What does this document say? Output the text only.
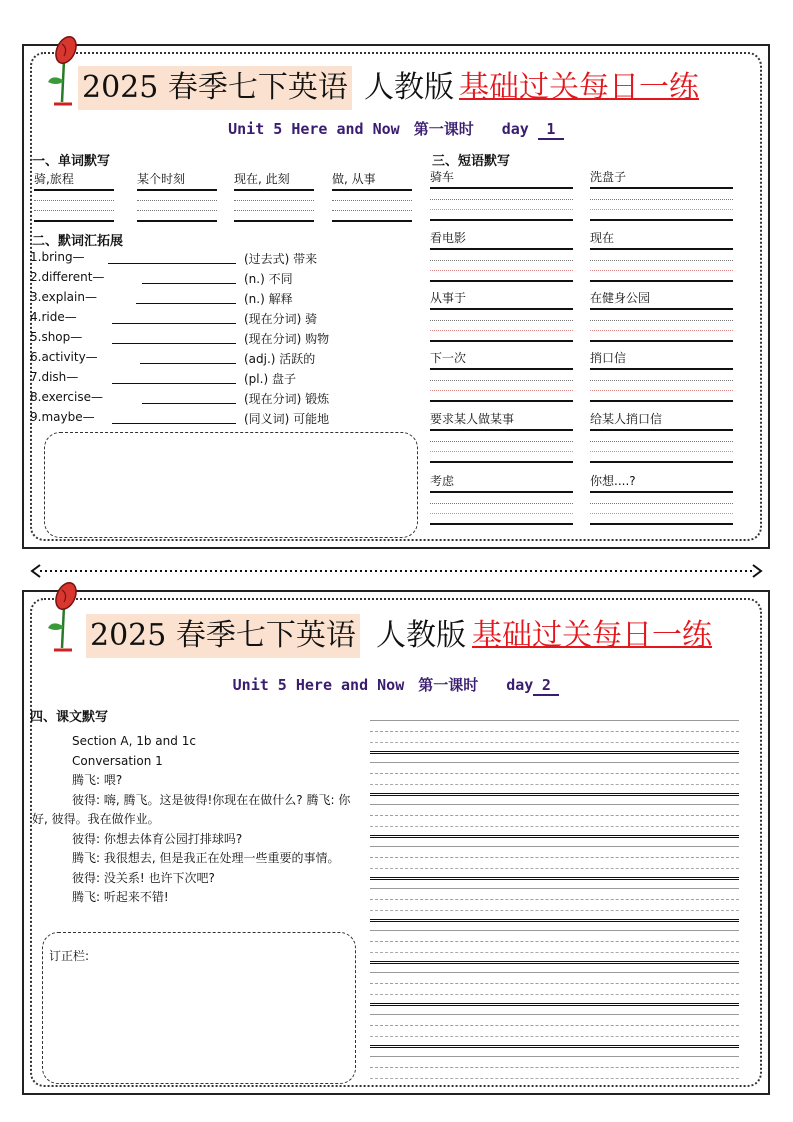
2025 春季七下英语 人教版 基础过关每日一练
Unit 5 Here and Now 第一课时 day 1
一、单词默写
骑,旅程	某个时刻	现在, 此刻	做, 从事
二、默词汇拓展
1.bring—	(过去式) 带来
2.different—	(n.) 不同
3.explain—	(n.) 解释
4.ride—	(现在分词) 骑
5.shop—	(现在分词) 购物
6.activity—	(adj.) 活跃的
7.dish—	(pl.) 盘子
8.exercise—	(现在分词) 锻炼
9.maybe—	(同义词) 可能地
三、短语默写
骑车	洗盘子
看电影	现在
从事于	在健身公园
下一次	捎口信
要求某人做某事	给某人捎口信
考虑	你想....?
2025 春季七下英语 人教版 基础过关每日一练
Unit 5 Here and Now 第一课时 day 2
四、课文默写
Section A, 1b and 1c
Conversation 1
腾飞: 喂?
彼得: 嗨, 腾飞。这是彼得!你现在在做什么? 腾飞: 你好, 彼得。我在做作业。
彼得: 你想去体育公园打排球吗?
腾飞: 我很想去, 但是我正在处理一些重要的事情。
彼得: 没关系! 也许下次吧?
腾飞: 听起来不错!
订正栏:
